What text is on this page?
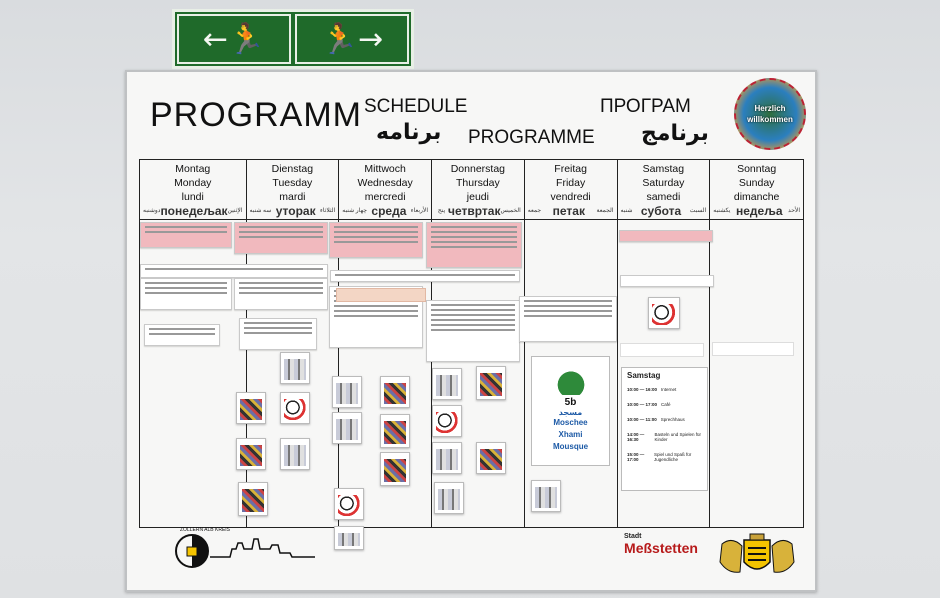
←🏃	🏃→
PROGRAMM SCHEDULE
برنامه PROGRAMME
ПРОГРАМ
برنامج
Herzlich
willkommen
Montag
Monday
lundi
دوشنبه понедељак الإثنين
Dienstag
Tuesday
mardi
سه شنبه уторак الثلاثاء
Mittwoch
Wednesday
mercredi
چهار شنبه среда الأربعاء
Donnerstag
Thursday
jeudi
پنج четвртак الخميس
Freitag
Friday
vendredi
جمعه петак الجمعة
Samstag
Saturday
samedi
شنبه субота السبت
Sonntag
Sunday
dimanche
یکشنبه недеља الأحد
5b
مسجد
Moschee
Xhami
Mousque
Samstag
10:00 — 16:00 Internet
10:00 — 17:00 Café
10:00 — 11:00 Sprechhaus
14:00 — 16:30
Basteln und Spielen für Kinder
15:00 — 17:00
Spiel und Spaß für Jugendliche
ZOLLERN ALB KREIS
Stadt
Meßstetten
